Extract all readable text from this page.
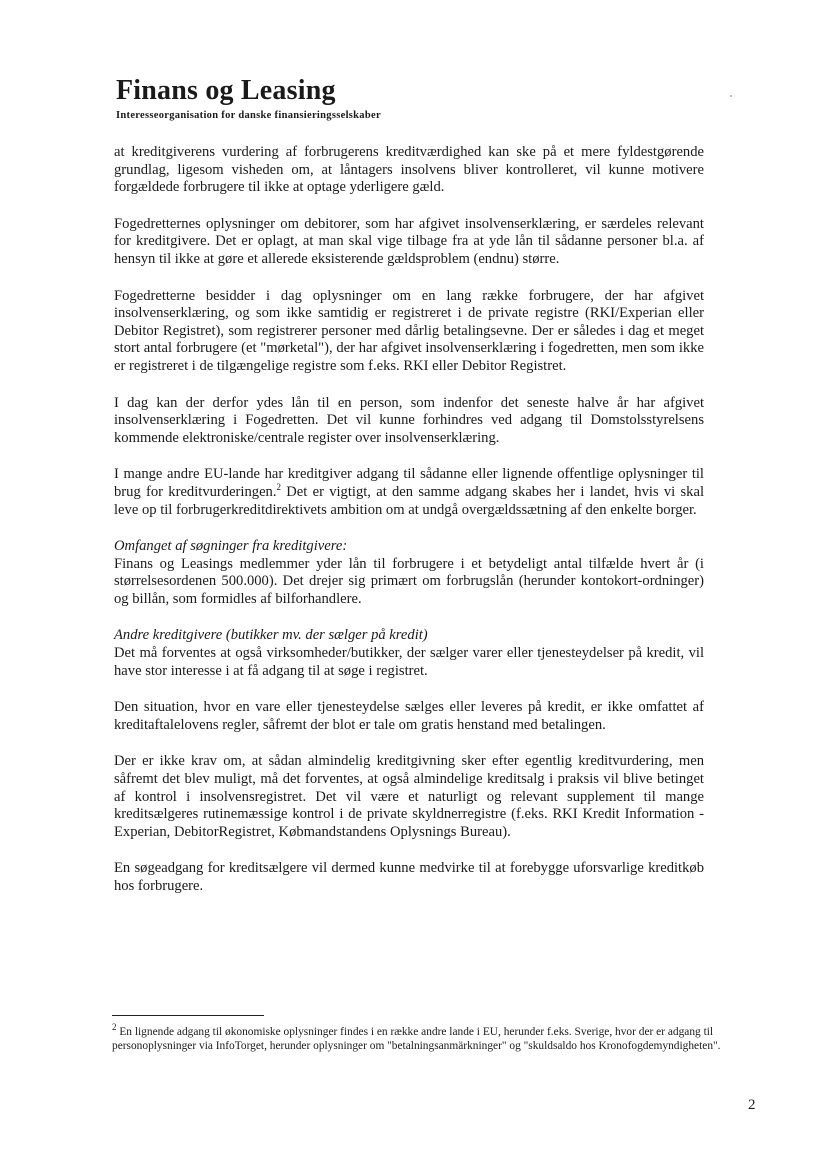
Finans og Leasing
Interesseorganisation for danske finansieringsselskaber

at kreditgiverens vurdering af forbrugerens kreditværdighed kan ske på et mere fyldestgørende grundlag, ligesom visheden om, at låntagers insolvens bliver kontrolleret, vil kunne motivere forgældede forbrugere til ikke at optage yderligere gæld.

Fogedretternes oplysninger om debitorer, som har afgivet insolvenserklæring, er særdeles relevant for kreditgivere. Det er oplagt, at man skal vige tilbage fra at yde lån til sådanne personer bl.a. af hensyn til ikke at gøre et allerede eksisterende gældsproblem (endnu) større.

Fogedretterne besidder i dag oplysninger om en lang række forbrugere, der har afgivet insolvenserklæring, og som ikke samtidig er registreret i de private registre (RKI/Experian eller Debitor Registret), som registrerer personer med dårlig betalingsevne. Der er således i dag et meget stort antal forbrugere (et "mørketal"), der har afgivet insolvenserklæring i fogedretten, men som ikke er registreret i de tilgængelige registre som f.eks. RKI eller Debitor Registret.

I dag kan der derfor ydes lån til en person, som indenfor det seneste halve år har afgivet insolvenserklæring i Fogedretten. Det vil kunne forhindres ved adgang til Domstolsstyrelsens kommende elektroniske/centrale register over insolvenserklæring.

I mange andre EU-lande har kreditgiver adgang til sådanne eller lignende offentlige oplysninger til brug for kreditvurderingen.$^2$ Det er vigtigt, at den samme adgang skabes her i landet, hvis vi skal leve op til forbrugerkreditdirektivets ambition om at undgå overgældssætning af den enkelte borger.

Omfanget af søgninger fra kreditgivere:
Finans og Leasings medlemmer yder lån til forbrugere i et betydeligt antal tilfælde hvert år (i størrelsesordenen 500.000). Det drejer sig primært om forbrugslån (herunder kontokort-ordninger) og billån, som formidles af bilforhandlere.

Andre kreditgivere (butikker mv. der sælger på kredit)
Det må forventes at også virksomheder/butikker, der sælger varer eller tjenesteydelser på kredit, vil have stor interesse i at få adgang til at søge i registret.

Den situation, hvor en vare eller tjenesteydelse sælges eller leveres på kredit, er ikke omfattet af kreditaftalelovens regler, såfremt der blot er tale om gratis henstand med betalingen.

Der er ikke krav om, at sådan almindelig kreditgivning sker efter egentlig kreditvurdering, men såfremt det blev muligt, må det forventes, at også almindelige kreditsalg i praksis vil blive betinget af kontrol i insolvensregistret. Det vil være et naturligt og relevant supplement til mange kreditsælgeres rutinemæssige kontrol i de private skyldnerregistre (f.eks. RKI Kredit Information - Experian, DebitorRegistret, Købmandstandens Oplysnings Bureau).

En søgeadgang for kreditsælgere vil dermed kunne medvirke til at forebygge uforsvarlige kreditkøb hos forbrugere.

$^2$ En lignende adgang til økonomiske oplysninger findes i en række andre lande i EU, herunder f.eks. Sverige, hvor der er adgang til personoplysninger via InfoTorget, herunder oplysninger om "betalningsanmärkninger" og "skuldsaldo hos Kronofogdemyndigheten".
2
